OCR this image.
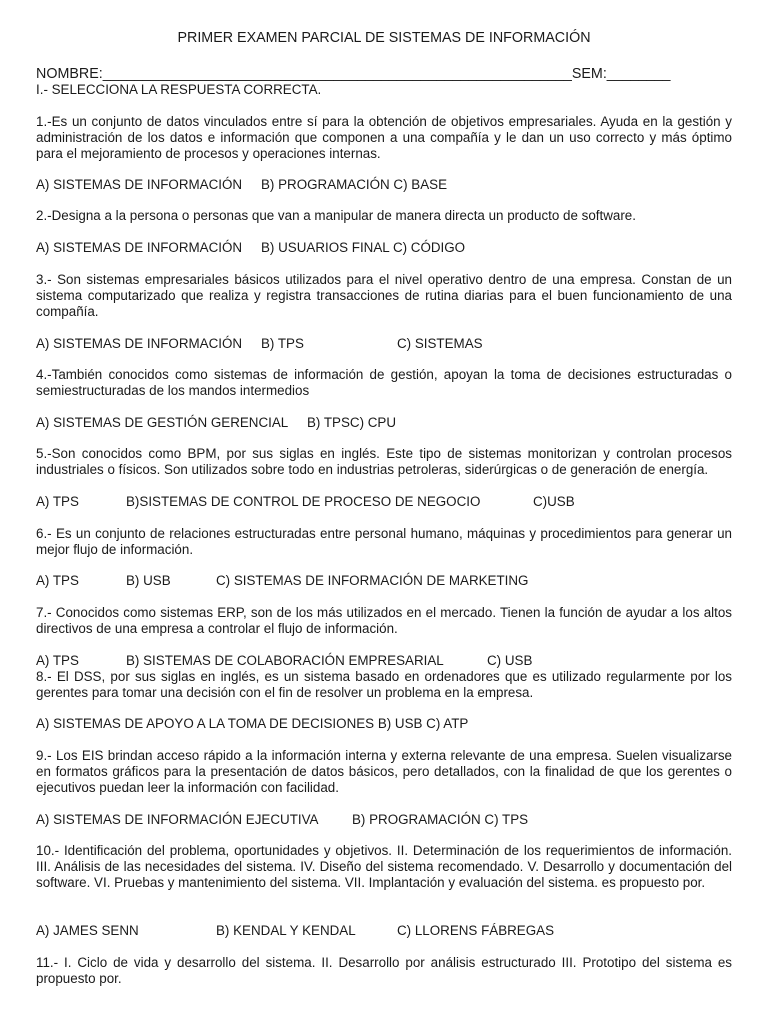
PRIMER EXAMEN PARCIAL DE SISTEMAS DE INFORMACIÓN
NOMBRE:___________________________________________________________SEM:________
I.- SELECCIONA LA RESPUESTA CORRECTA.
1.-Es un conjunto de datos vinculados entre sí para la obtención de objetivos empresariales. Ayuda en la gestión y administración de los datos e información que componen a una compañía y le dan un uso correcto y más óptimo para el mejoramiento de procesos y operaciones internas.
A) SISTEMAS DE INFORMACIÓN B) PROGRAMACIÓN C) BASE
2.-Designa a la persona o personas que van a manipular de manera directa un producto de software.
A) SISTEMAS DE INFORMACIÓN B) USUARIOS FINAL C) CÓDIGO
3.- Son sistemas empresariales básicos utilizados para el nivel operativo dentro de una empresa. Constan de un sistema computarizado que realiza y registra transacciones de rutina diarias para el buen funcionamiento de una compañía.
A) SISTEMAS DE INFORMACIÓN B) TPS	C) SISTEMAS
4.-También conocidos como sistemas de información de gestión, apoyan la toma de decisiones estructuradas o semiestructuradas de los mandos intermedios
A) SISTEMAS DE GESTIÓN GERENCIAL B) TPSC) CPU
5.-Son conocidos como BPM, por sus siglas en inglés. Este tipo de sistemas monitorizan y controlan procesos industriales o físicos. Son utilizados sobre todo en industrias petroleras, siderúrgicas o de generación de energía.
A) TPS	B)SISTEMAS DE CONTROL DE PROCESO DE NEGOCIO	C)USB
6.- Es un conjunto de relaciones estructuradas entre personal humano, máquinas y procedimientos para generar un mejor flujo de información.
A) TPS	B) USB	C) SISTEMAS DE INFORMACIÓN DE MARKETING
7.- Conocidos como sistemas ERP, son de los más utilizados en el mercado. Tienen la función de ayudar a los altos directivos de una empresa a controlar el flujo de información.
A) TPS	B) SISTEMAS DE COLABORACIÓN EMPRESARIAL	C) USB
8.- El DSS, por sus siglas en inglés, es un sistema basado en ordenadores que es utilizado regularmente por los gerentes para tomar una decisión con el fin de resolver un problema en la empresa.
A) SISTEMAS DE APOYO A LA TOMA DE DECISIONES B) USB C) ATP
9.- Los EIS brindan acceso rápido a la información interna y externa relevante de una empresa. Suelen visualizarse en formatos gráficos para la presentación de datos básicos, pero detallados, con la finalidad de que los gerentes o ejecutivos puedan leer la información con facilidad.
A) SISTEMAS DE INFORMACIÓN EJECUTIVA	B) PROGRAMACIÓN C) TPS
10.- Identificación del problema, oportunidades y objetivos. II. Determinación de los requerimientos de información. III. Análisis de las necesidades del sistema. IV. Diseño del sistema recomendado. V. Desarrollo y documentación del software. VI. Pruebas y mantenimiento del sistema. VII. Implantación y evaluación del sistema. es propuesto por.
A) JAMES SENN	B) KENDAL Y KENDAL	C) LLORENS FÁBREGAS
11.- I. Ciclo de vida y desarrollo del sistema. II. Desarrollo por análisis estructurado III. Prototipo del sistema es propuesto por.
